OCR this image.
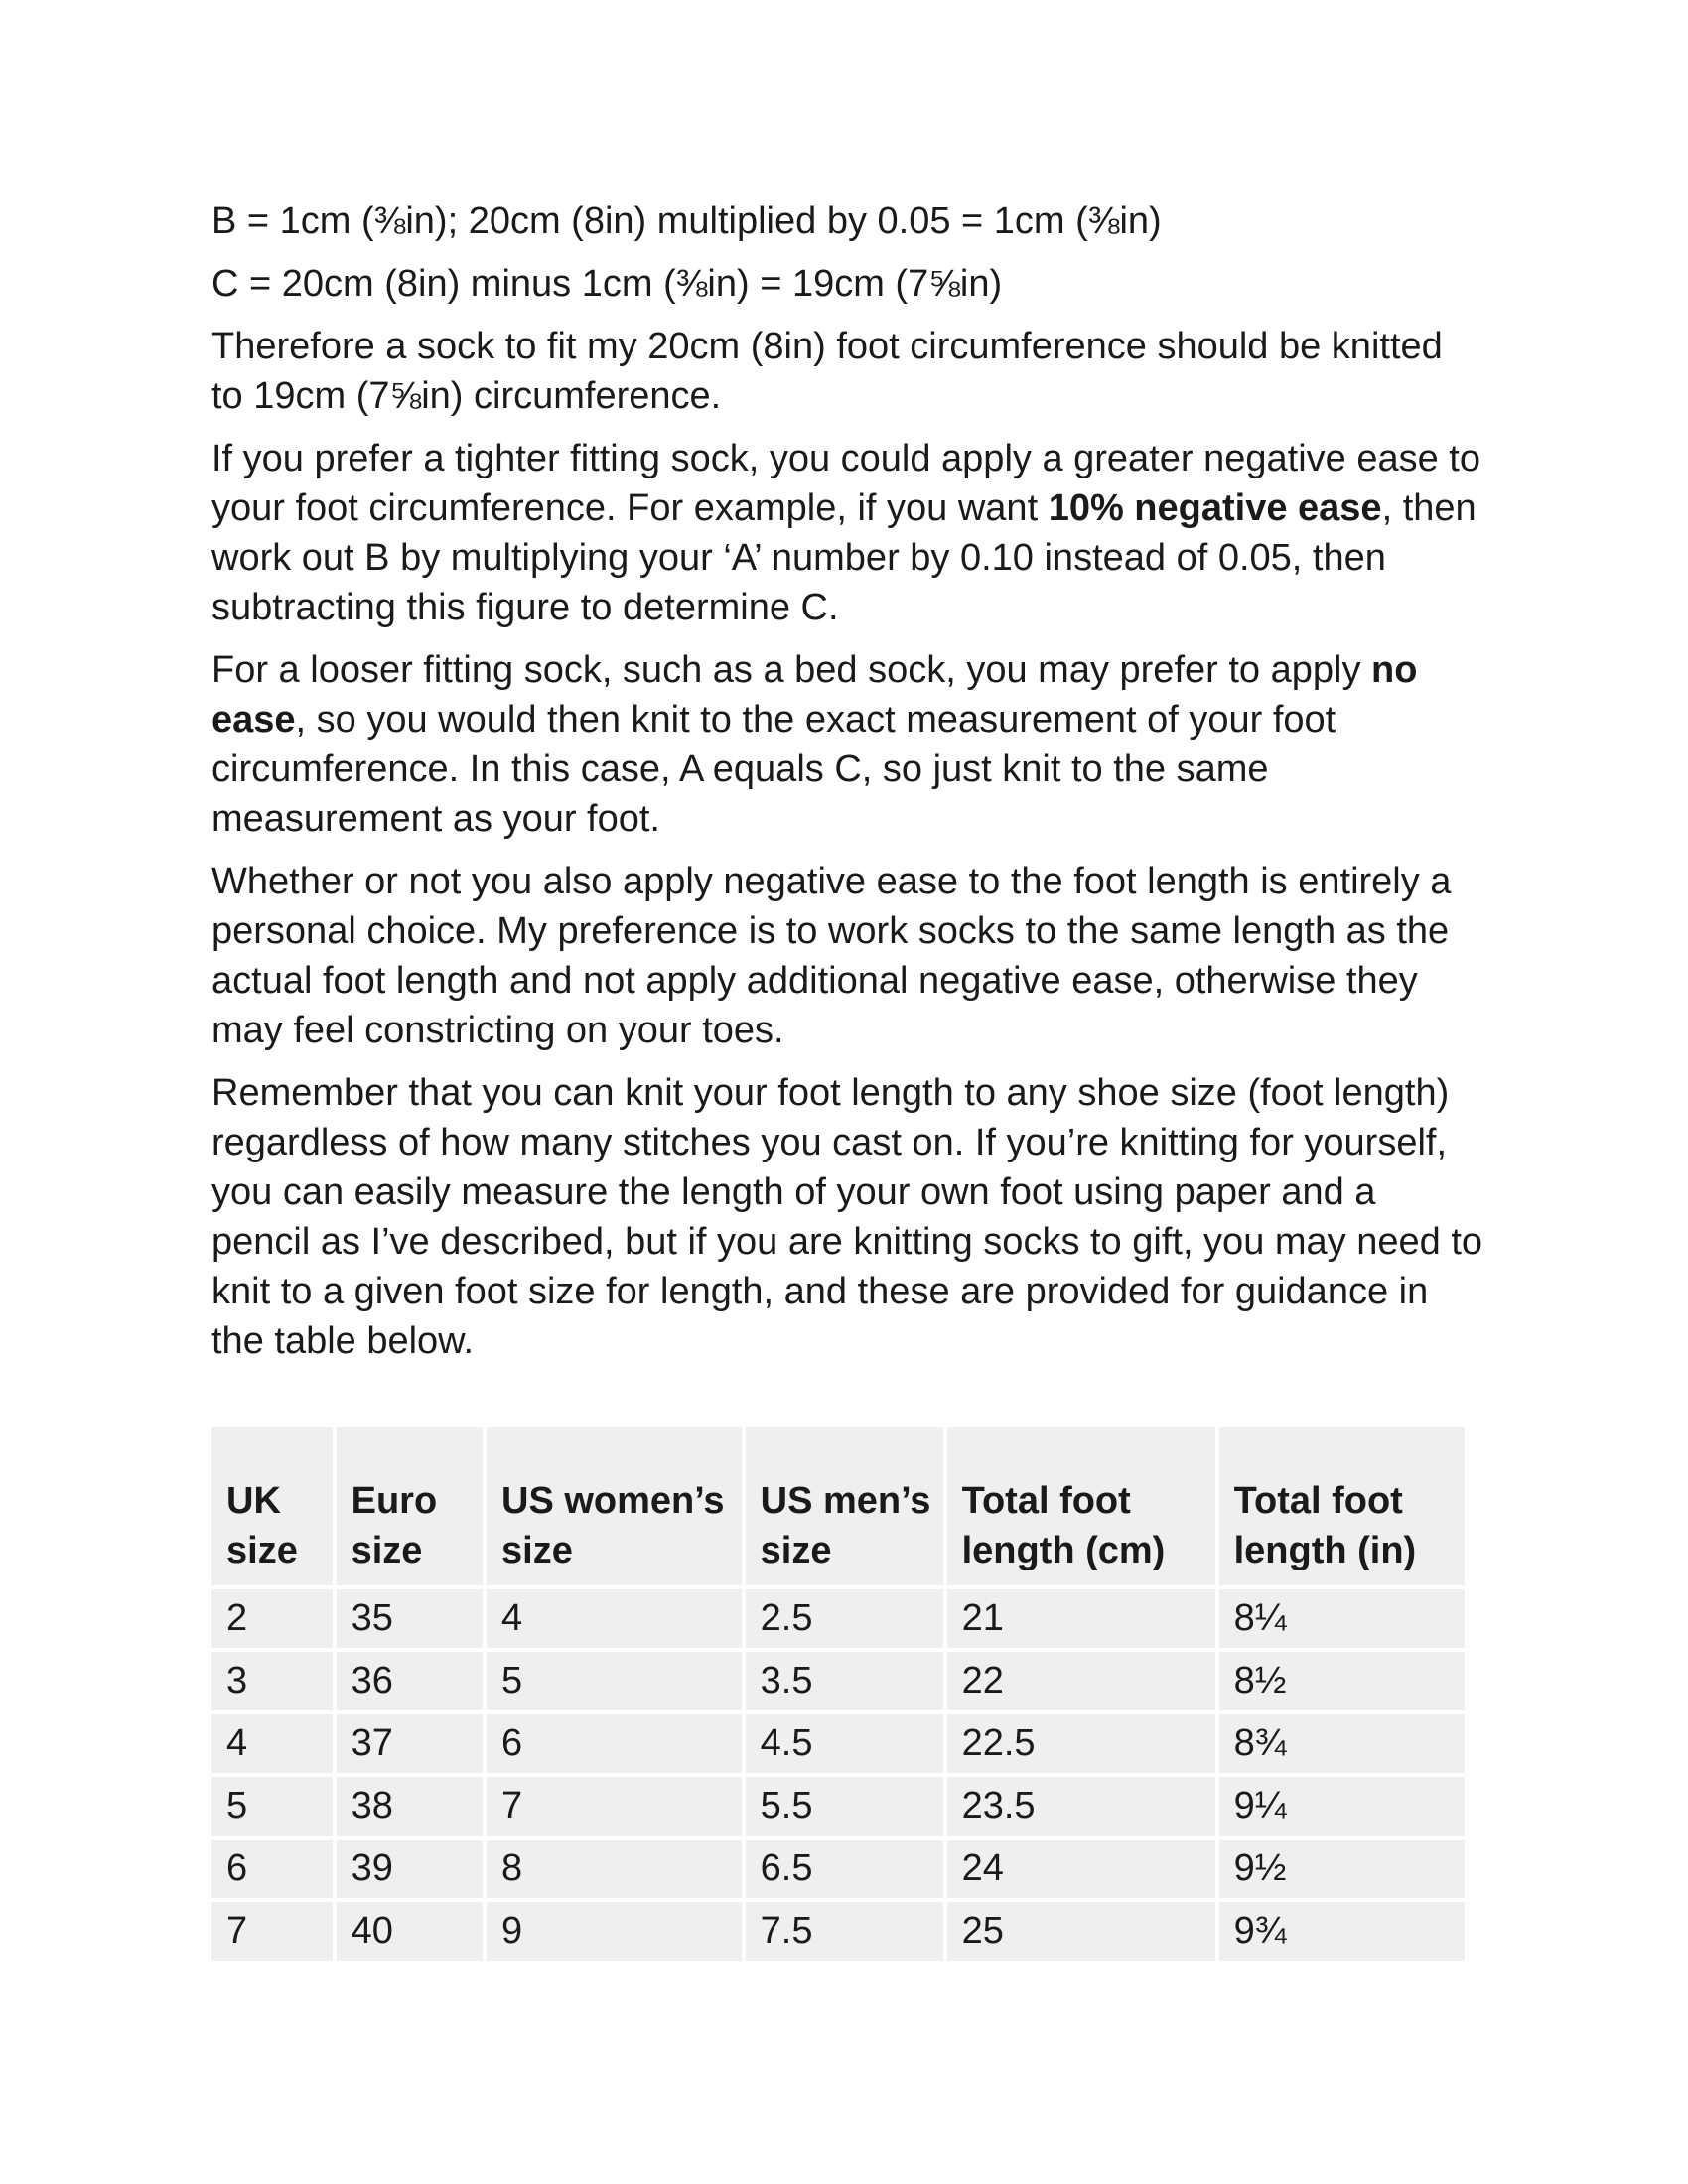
B = 1cm (⅜in); 20cm (8in) multiplied by 0.05 = 1cm (⅜in)

C = 20cm (8in) minus 1cm (⅜in) = 19cm (7⅝in)

Therefore a sock to fit my 20cm (8in) foot circumference should be knitted to 19cm (7⅝in) circumference.

If you prefer a tighter fitting sock, you could apply a greater negative ease to your foot circumference. For example, if you want 10% negative ease, then work out B by multiplying your ‘A’ number by 0.10 instead of 0.05, then subtracting this figure to determine C.

For a looser fitting sock, such as a bed sock, you may prefer to apply no ease, so you would then knit to the exact measurement of your foot circumference. In this case, A equals C, so just knit to the same measurement as your foot.

Whether or not you also apply negative ease to the foot length is entirely a personal choice. My preference is to work socks to the same length as the actual foot length and not apply additional negative ease, otherwise they may feel constricting on your toes.

Remember that you can knit your foot length to any shoe size (foot length) regardless of how many stitches you cast on. If you’re knitting for yourself, you can easily measure the length of your own foot using paper and a pencil as I’ve described, but if you are knitting socks to gift, you may need to knit to a given foot size for length, and these are provided for guidance in the table below.

UK size	Euro size	US women’s size	US men’s size	Total foot length (cm)	Total foot length (in)
2	35	4	2.5	21	8¼
3	36	5	3.5	22	8½
4	37	6	4.5	22.5	8¾
5	38	7	5.5	23.5	9¼
6	39	8	6.5	24	9½
7	40	9	7.5	25	9¾
